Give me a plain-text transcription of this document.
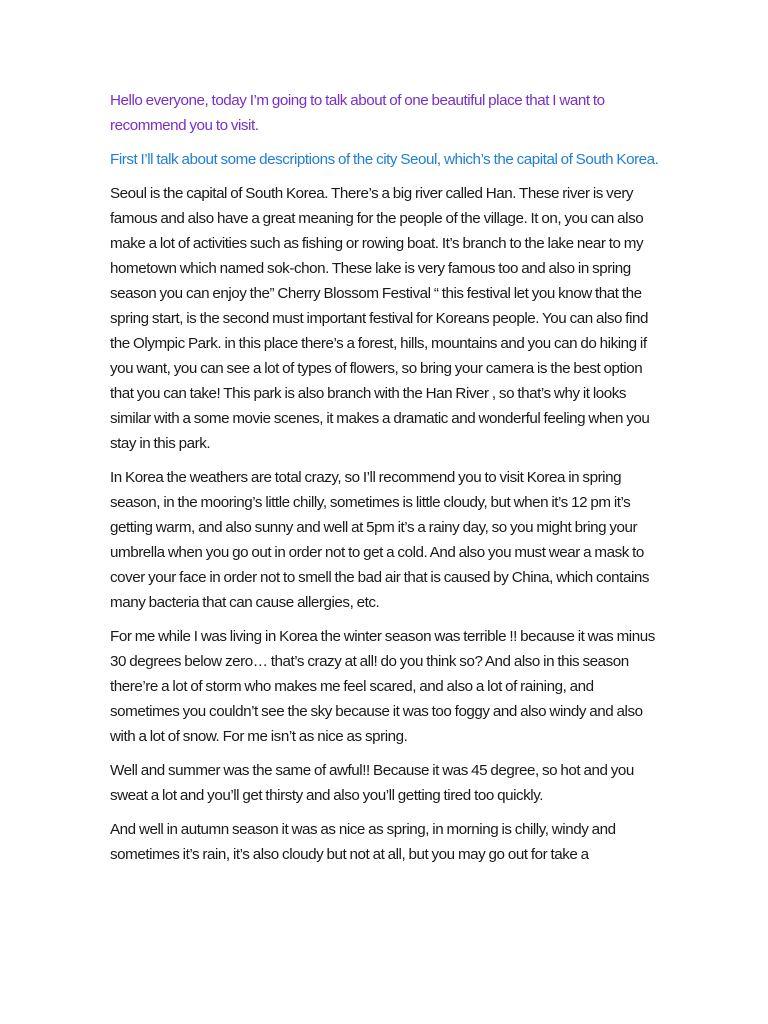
Hello everyone, today I’m going to talk about of one beautiful place that I want to recommend you to visit.

First I’ll talk about some descriptions of the city Seoul, which’s the capital of South Korea.

Seoul is the capital of South Korea. There’s a big river called Han. These river is very famous and also have a great meaning for the people of the village. It on, you can also make a lot of activities such as fishing or rowing boat. It’s branch to the lake near to my hometown which named sok-chon. These lake is very famous too and also in spring season you can enjoy the” Cherry Blossom Festival “ this festival let you know that the spring start, is the second must important festival for Koreans people. You can also find the Olympic Park. in this place there’s a forest, hills, mountains and you can do hiking if you want, you can see a lot of types of flowers, so bring your camera is the best option that you can take! This park is also branch with the Han River , so that’s why it looks similar with a some movie scenes, it makes a dramatic and wonderful feeling when you stay in this park.

In Korea the weathers are total crazy, so I’ll recommend you to visit Korea in spring season, in the mooring’s little chilly, sometimes is little cloudy, but when it’s 12 pm it’s getting warm, and also sunny and well at 5pm it’s a rainy day, so you might bring your umbrella when you go out in order not to get a cold. And also you must wear a mask to cover your face in order not to smell the bad air that is caused by China, which contains many bacteria that can cause allergies, etc.

For me while I was living in Korea the winter season was terrible !! because it was minus 30 degrees below zero… that’s crazy at all! do you think so? And also in this season there’re a lot of storm who makes me feel scared, and also a lot of raining, and sometimes you couldn’t see the sky because it was too foggy and also windy and also with a lot of snow. For me isn’t as nice as spring.

Well and summer was the same of awful!! Because it was 45 degree, so hot and you sweat a lot and you’ll get thirsty and also you’ll getting tired too quickly.

And well in autumn season it was as nice as spring, in morning is chilly, windy and sometimes it’s rain, it’s also cloudy but not at all, but you may go out for take a
